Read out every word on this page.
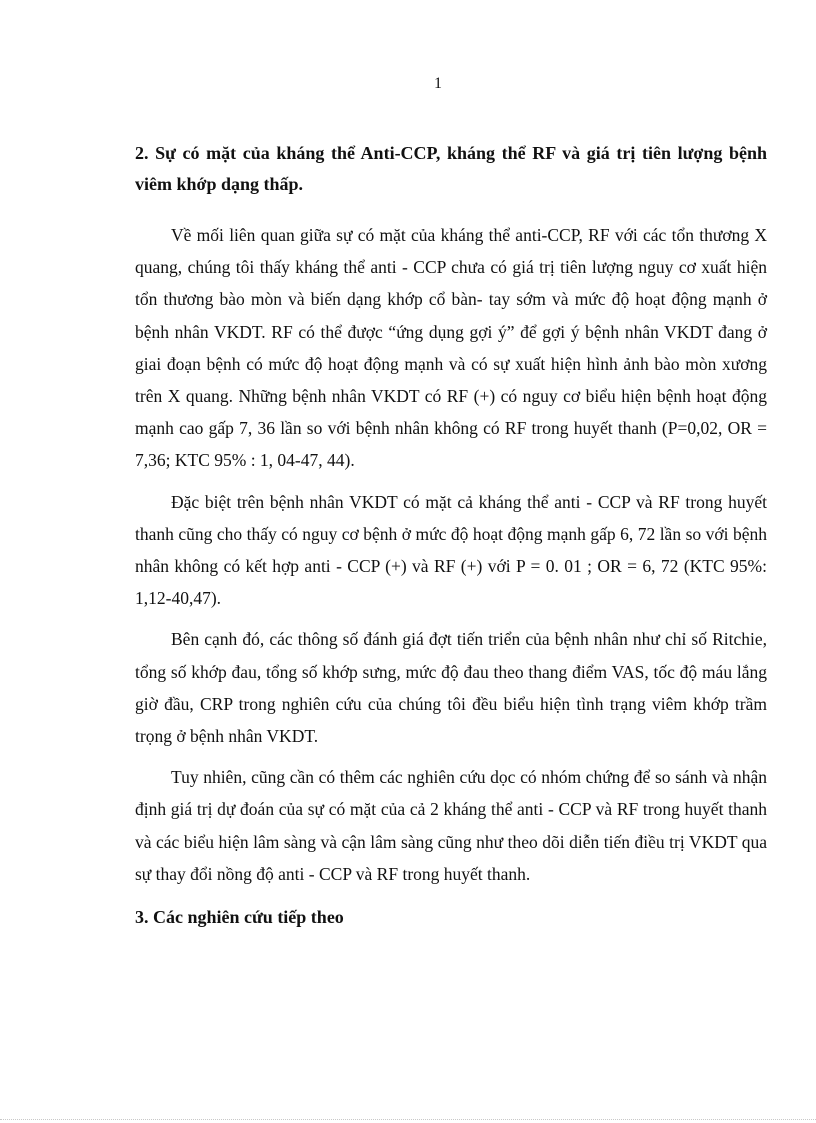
1
2. Sự có mặt của kháng thể Anti-CCP, kháng thể RF và giá trị tiên lượng bệnh viêm khớp dạng thấp.

Về mối liên quan giữa sự có mặt của kháng thể anti-CCP, RF với các tổn thương X quang, chúng tôi thấy kháng thể anti - CCP chưa có giá trị tiên lượng nguy cơ xuất hiện tổn thương bào mòn và biến dạng khớp cổ bàn- tay sớm và mức độ hoạt động mạnh ở bệnh nhân VKDT. RF có thể được “ứng dụng gợi ý” để gợi ý bệnh nhân VKDT đang ở giai đoạn bệnh có mức độ hoạt động mạnh và có sự xuất hiện hình ảnh bào mòn xương trên X quang. Những bệnh nhân VKDT có RF (+) có nguy cơ biểu hiện bệnh hoạt động mạnh cao gấp 7, 36 lần so với bệnh nhân không có RF trong huyết thanh (P=0,02, OR = 7,36; KTC 95% : 1, 04-47, 44).

Đặc biệt trên bệnh nhân VKDT có mặt cả kháng thể anti - CCP và RF trong huyết thanh cũng cho thấy có nguy cơ bệnh ở mức độ hoạt động mạnh gấp 6, 72 lần so với bệnh nhân không có kết hợp anti - CCP (+) và RF (+) với P = 0. 01 ; OR = 6, 72 (KTC 95%: 1,12-40,47).

Bên cạnh đó, các thông số đánh giá đợt tiến triển của bệnh nhân như chỉ số Ritchie, tổng số khớp đau, tổng số khớp sưng, mức độ đau theo thang điểm VAS, tốc độ máu lắng giờ đầu, CRP trong nghiên cứu của chúng tôi đều biểu hiện tình trạng viêm khớp trầm trọng ở bệnh nhân VKDT.

Tuy nhiên, cũng cần có thêm các nghiên cứu dọc có nhóm chứng để so sánh và nhận định giá trị dự đoán của sự có mặt của cả 2 kháng thể anti - CCP và RF trong huyết thanh và các biểu hiện lâm sàng và cận lâm sàng cũng như theo dõi diễn tiến điều trị VKDT qua sự thay đổi nồng độ anti - CCP và RF trong huyết thanh.

3. Các nghiên cứu tiếp theo
